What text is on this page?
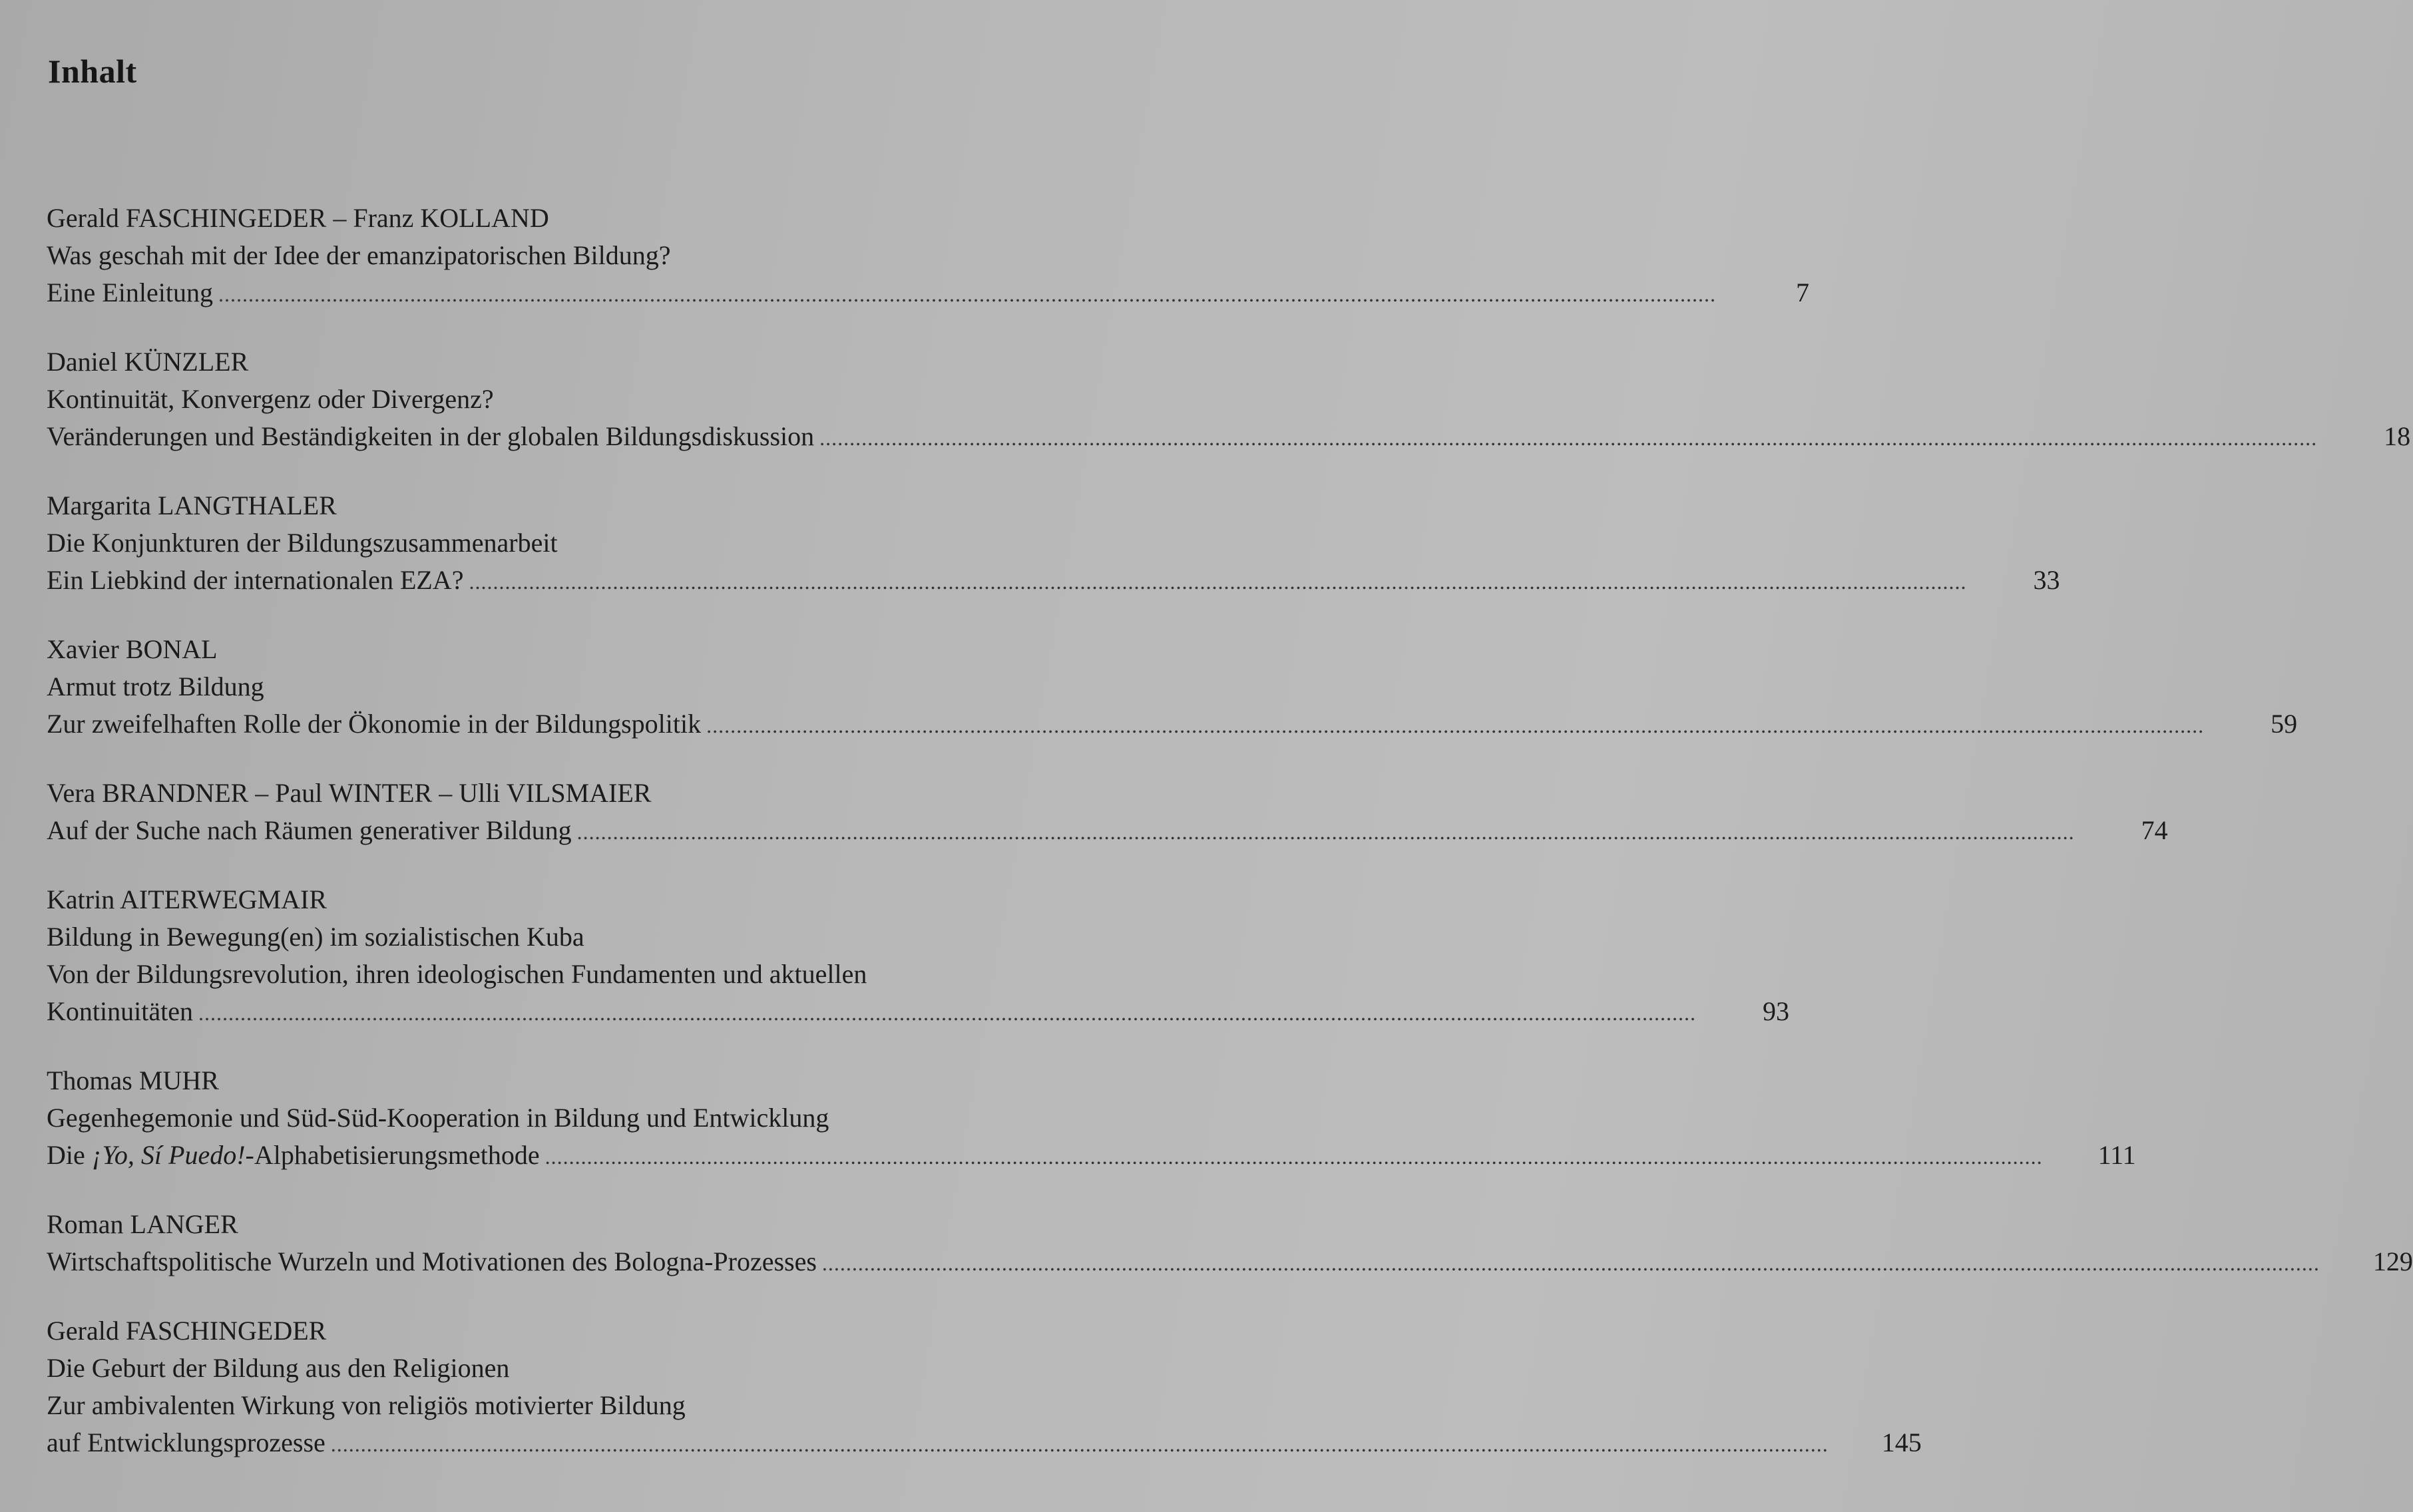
Inhalt
Gerald FASCHINGEDER – Franz KOLLAND
Was geschah mit der Idee der emanzipatorischen Bildung?
Eine Einleitung ..........................................................................................................................................................................................................................................................	7
Daniel KÜNZLER
Kontinuität, Konvergenz oder Divergenz?
Veränderungen und Beständigkeiten in der globalen Bildungsdiskussion ..........................................................................................................................................................................................................................................................	18
Margarita LANGTHALER
Die Konjunkturen der Bildungszusammenarbeit
Ein Liebkind der internationalen EZA? ..........................................................................................................................................................................................................................................................	33
Xavier BONAL
Armut trotz Bildung
Zur zweifelhaften Rolle der Ökonomie in der Bildungspolitik ..........................................................................................................................................................................................................................................................	59
Vera BRANDNER – Paul WINTER – Ulli VILSMAIER
Auf der Suche nach Räumen generativer Bildung ..........................................................................................................................................................................................................................................................	74
Katrin AITERWEGMAIR
Bildung in Bewegung(en) im sozialistischen Kuba
Von der Bildungsrevolution, ihren ideologischen Fundamenten und aktuellen
Kontinuitäten ..........................................................................................................................................................................................................................................................	93
Thomas MUHR
Gegenhegemonie und Süd-Süd-Kooperation in Bildung und Entwicklung
Die ¡Yo, Sí Puedo!-Alphabetisierungsmethode ..........................................................................................................................................................................................................................................................	111
Roman LANGER
Wirtschaftspolitische Wurzeln und Motivationen des Bologna-Prozesses ..........................................................................................................................................................................................................................................................	129
Gerald FASCHINGEDER
Die Geburt der Bildung aus den Religionen
Zur ambivalenten Wirkung von religiös motivierter Bildung
auf Entwicklungsprozesse ..........................................................................................................................................................................................................................................................	145
